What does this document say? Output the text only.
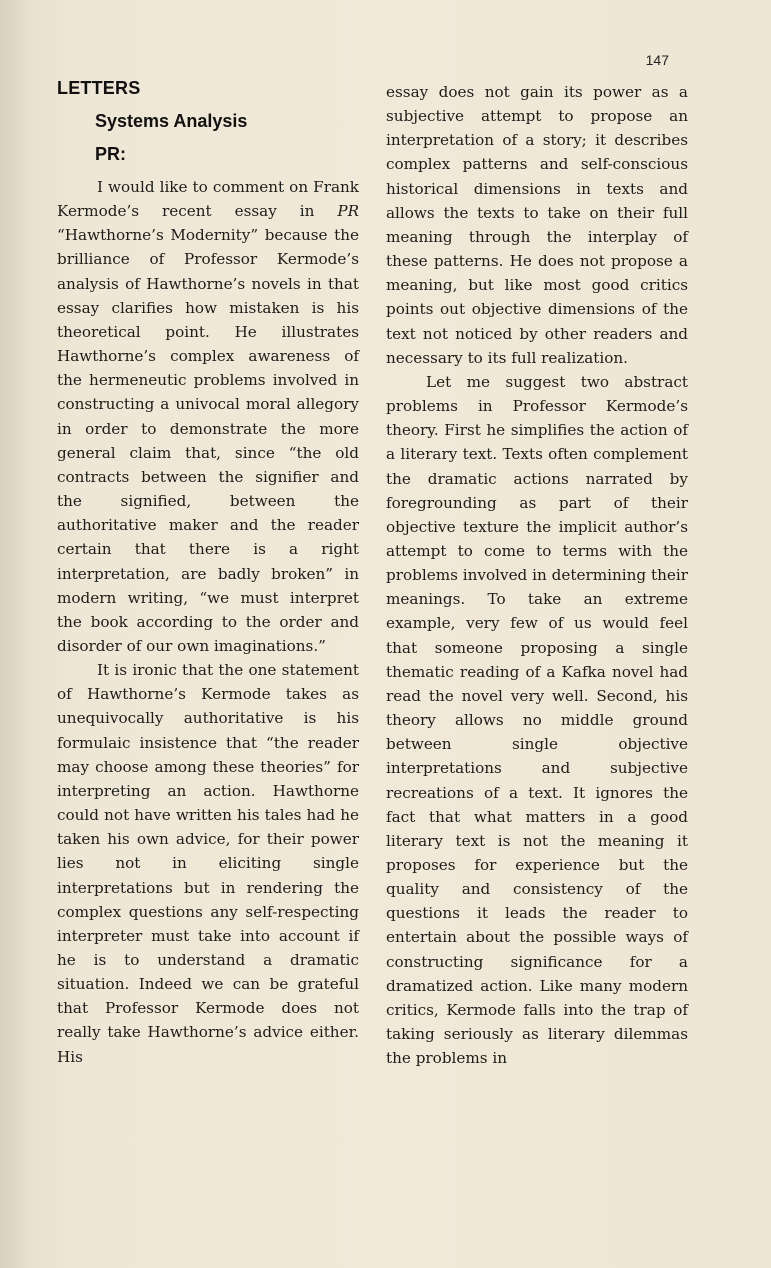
147

LETTERS
Systems Analysis
PR:

I would like to comment on Frank Kermode’s recent essay in PR “Hawthorne’s Modernity” because the brilliance of Professor Kermode’s analysis of Hawthorne’s novels in that essay clarifies how mistaken is his theoretical point. He illustrates Hawthorne’s complex awareness of the hermeneutic problems involved in constructing a univocal moral allegory in order to demonstrate the more general claim that, since “the old contracts between the signifier and the signified, between the authoritative maker and the reader certain that there is a right interpretation, are badly broken” in modern writing, “we must interpret the book according to the order and disorder of our own imaginations.”

It is ironic that the one statement of Hawthorne’s Kermode takes as unequivocally authoritative is his formulaic insistence that “the reader may choose among these theories” for interpreting an action. Hawthorne could not have written his tales had he taken his own advice, for their power lies not in eliciting single interpretations but in rendering the complex questions any self-respecting interpreter must take into account if he is to understand a dramatic situation. Indeed we can be grateful that Professor Kermode does not really take Hawthorne’s advice either. His

essay does not gain its power as a subjective attempt to propose an interpretation of a story; it describes complex patterns and self-conscious historical dimensions in texts and allows the texts to take on their full meaning through the interplay of these patterns. He does not propose a meaning, but like most good critics points out objective dimensions of the text not noticed by other readers and necessary to its full realization.

Let me suggest two abstract problems in Professor Kermode’s theory. First he simplifies the action of a literary text. Texts often complement the dramatic actions narrated by foregrounding as part of their objective texture the implicit author’s attempt to come to terms with the problems involved in determining their meanings. To take an extreme example, very few of us would feel that someone proposing a single thematic reading of a Kafka novel had read the novel very well. Second, his theory allows no middle ground between single objective interpretations and subjective recreations of a text. It ignores the fact that what matters in a good literary text is not the meaning it proposes for experience but the quality and consistency of the questions it leads the reader to entertain about the possible ways of constructing significance for a dramatized action. Like many modern critics, Kermode falls into the trap of taking seriously as literary dilemmas the problems in
